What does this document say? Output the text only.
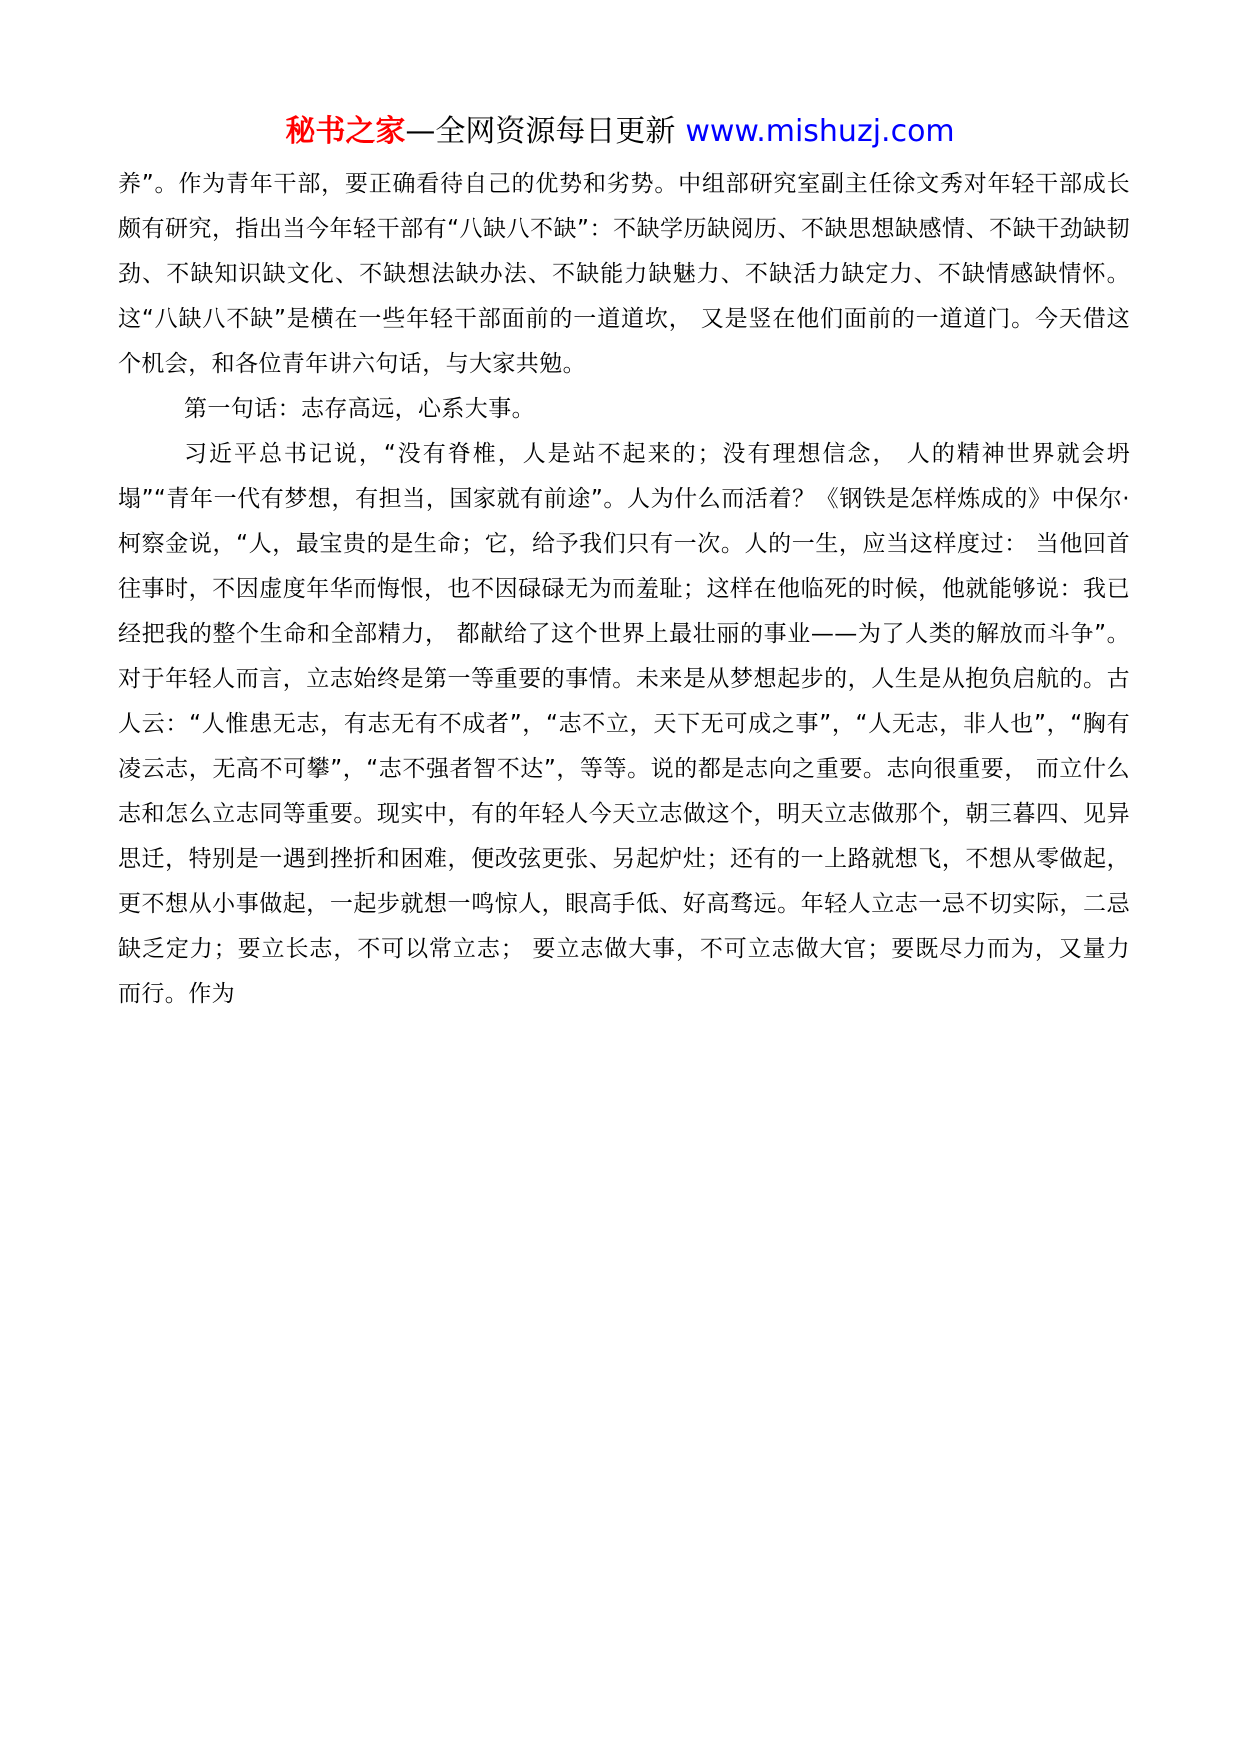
秘书之家—全网资源每日更新 www.mishuzj.com

养”。作为青年干部，要正确看待自己的优势和劣势。中组部研究室副主任徐文秀对年轻干部成长颇有研究，指出当今年轻干部有“八缺八不缺”：不缺学历缺阅历、不缺思想缺感情、不缺干劲缺韧劲、不缺知识缺文化、不缺想法缺办法、不缺能力缺魅力、不缺活力缺定力、不缺情感缺情怀。这“八缺八不缺”是横在一些年轻干部面前的一道道坎， 又是竖在他们面前的一道道门。今天借这个机会，和各位青年讲六句话，与大家共勉。

第一句话：志存高远，心系大事。

习近平总书记说，“没有脊椎，人是站不起来的；没有理想信念， 人的精神世界就会坍塌”“青年一代有梦想，有担当，国家就有前途”。人为什么而活着？《钢铁是怎样炼成的》中保尔·柯察金说，“人，最宝贵的是生命；它，给予我们只有一次。人的一生，应当这样度过： 当他回首往事时，不因虚度年华而悔恨，也不因碌碌无为而羞耻；这样在他临死的时候，他就能够说：我已经把我的整个生命和全部精力， 都献给了这个世界上最壮丽的事业——为了人类的解放而斗争”。对于年轻人而言，立志始终是第一等重要的事情。未来是从梦想起步的，人生是从抱负启航的。古人云：“人惟患无志，有志无有不成者”，“志不立，天下无可成之事”，“人无志，非人也”，“胸有凌云志，无高不可攀”，“志不强者智不达”，等等。说的都是志向之重要。志向很重要， 而立什么志和怎么立志同等重要。现实中，有的年轻人今天立志做这个，明天立志做那个，朝三暮四、见异思迁，特别是一遇到挫折和困难，便改弦更张、另起炉灶；还有的一上路就想飞，不想从零做起， 更不想从小事做起，一起步就想一鸣惊人，眼高手低、好高骛远。年轻人立志一忌不切实际，二忌缺乏定力；要立长志，不可以常立志； 要立志做大事，不可立志做大官；要既尽力而为，又量力而行。作为
